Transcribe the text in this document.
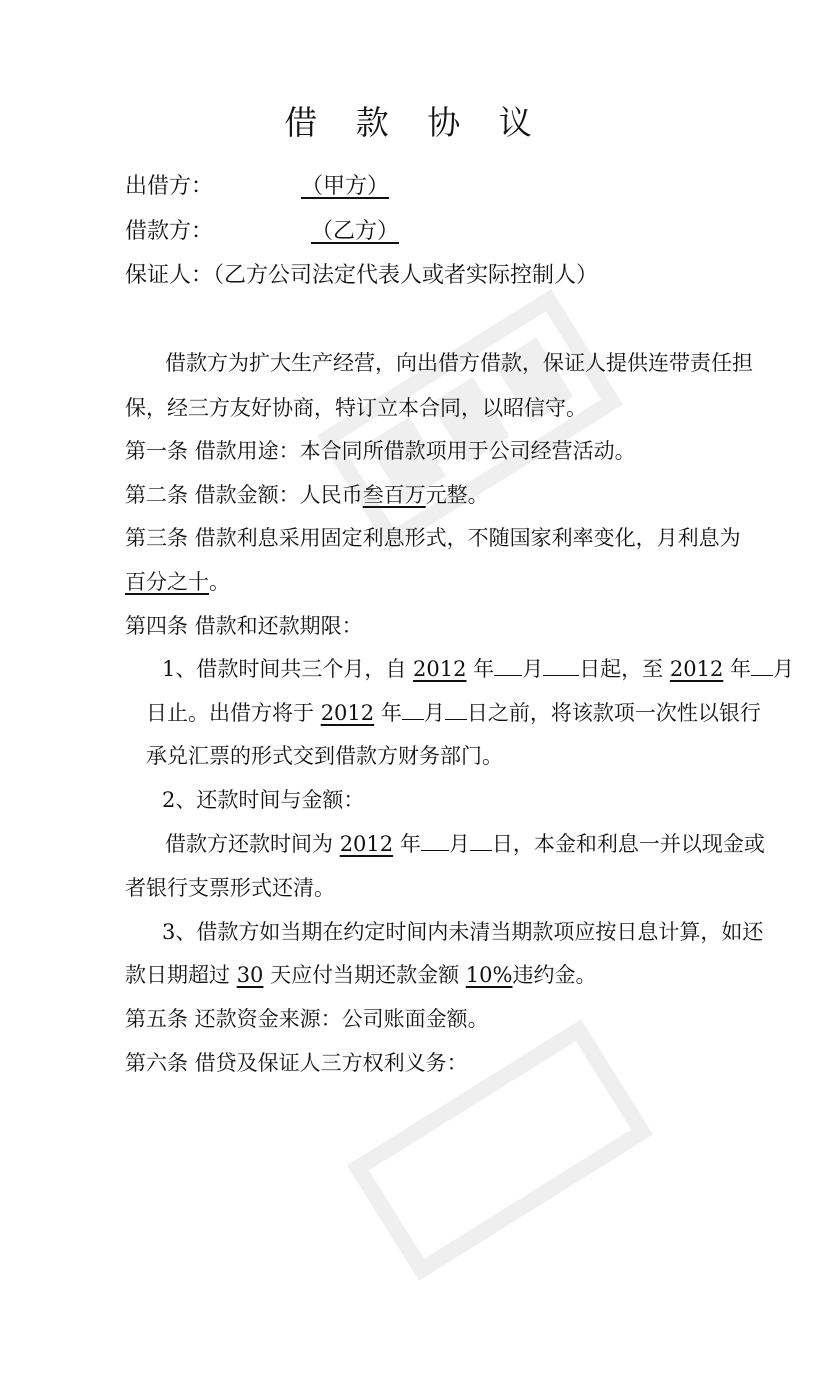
借 款 协 议
出借方：	（甲方）
借款方：	（乙方）
保证人：（乙方公司法定代表人或者实际控制人）
借款方为扩大生产经营，向出借方借款，保证人提供连带责任担
保，经三方友好协商，特订立本合同，以昭信守。
第一条 借款用途：本合同所借款项用于公司经营活动。
第二条 借款金额：人民币叁百万元整。
第三条 借款利息采用固定利息形式，不随国家利率变化，月利息为
百分之十。
第四条 借款和还款期限：
1、借款时间共三个月，自 2012 年 月 日起，至 2012 年 月
日止。出借方将于 2012 年 月 日之前，将该款项一次性以银行
承兑汇票的形式交到借款方财务部门。
2、还款时间与金额：
借款方还款时间为 2012 年 月 日，本金和利息一并以现金或
者银行支票形式还清。
3、借款方如当期在约定时间内未清当期款项应按日息计算，如还
款日期超过 30 天应付当期还款金额 10%违约金。
第五条 还款资金来源：公司账面金额。
第六条 借贷及保证人三方权利义务：
